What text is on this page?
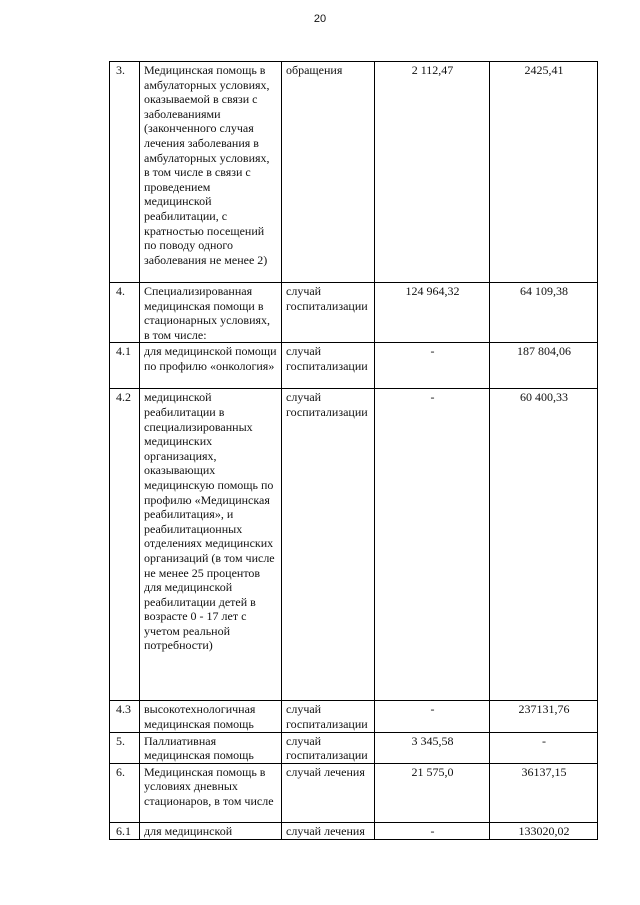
20
3.	Медицинская помощь в амбулаторных условиях, оказываемой в связи с заболеваниями (законченного случая лечения заболевания в амбулаторных условиях, в том числе в связи с проведением медицинской реабилитации, с кратностью посещений по поводу одного заболевания не менее 2)	обращения	2 112,47	2425,41
4.	Специализированная медицинская помощи в стационарных условиях, в том числе:	случай госпитализации	124 964,32	64 109,38
4.1	для медицинской помощи по профилю «онкология»	случай госпитализации	-	187 804,06
4.2	медицинской реабилитации в специализированных медицинских организациях, оказывающих медицинскую помощь по профилю «Медицинская реабилитация», и реабилитационных отделениях медицинских организаций (в том числе не менее 25 процентов для медицинской реабилитации детей в возрасте 0 - 17 лет с учетом реальной потребности)	случай госпитализации	-	60 400,33
4.3	высокотехнологичная медицинская помощь	случай госпитализации	-	237131,76
5.	Паллиативная медицинская помощь	случай госпитализации	3 345,58	-
6.	Медицинская помощь в условиях дневных стационаров, в том числе	случай лечения	21 575,0	36137,15
6.1	для медицинской	случай лечения	-	133020,02
